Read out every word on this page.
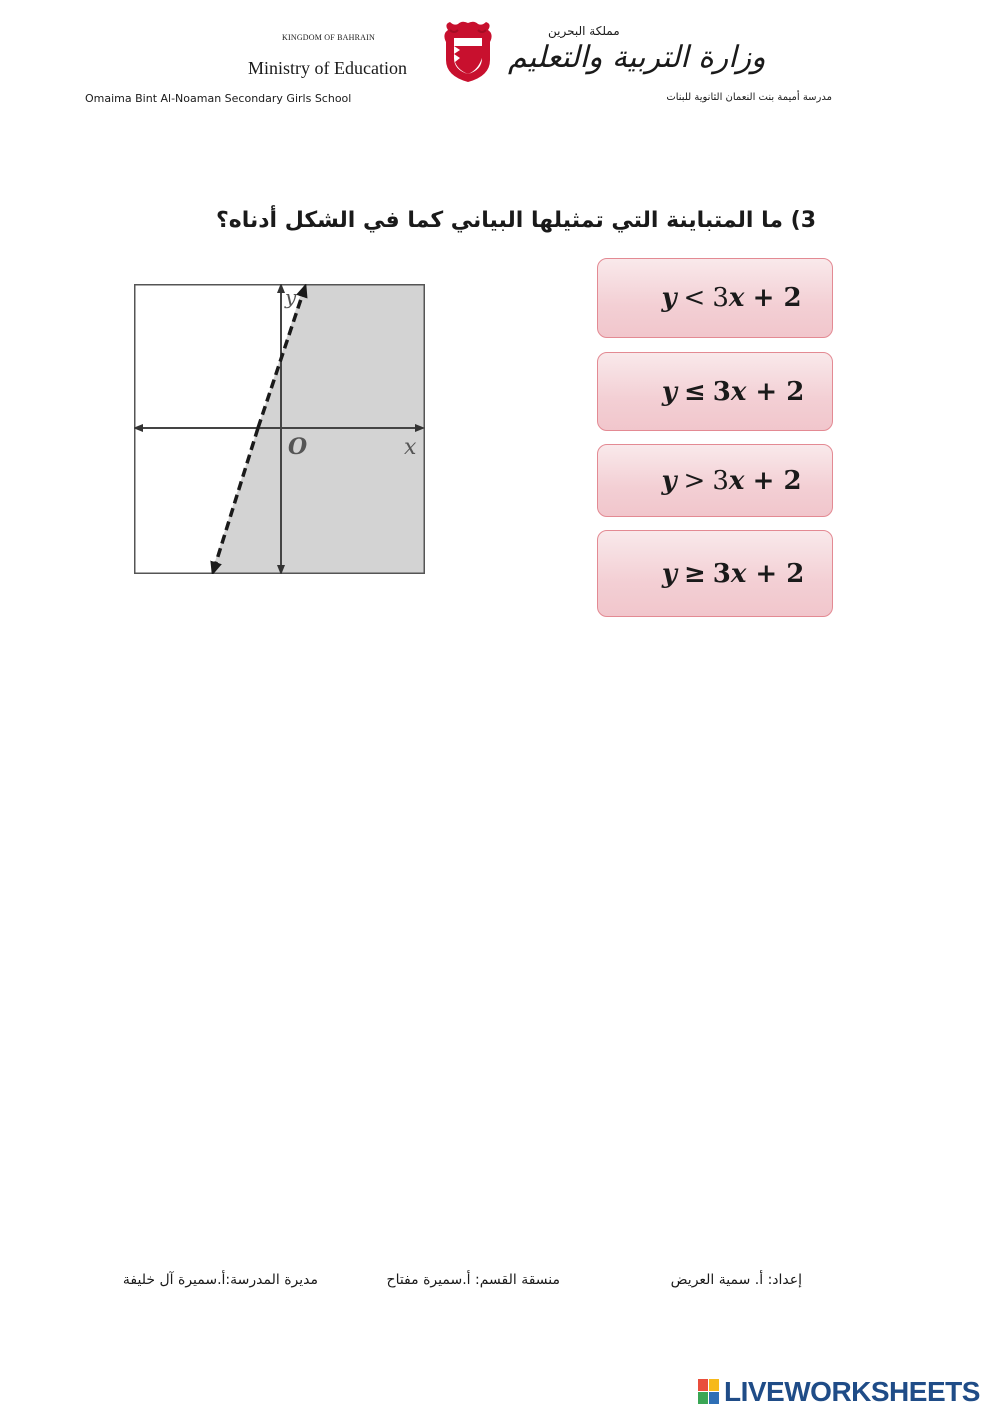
KINGDOM OF BAHRAIN
Ministry of Education
Omaima Bint Al-Noaman Secondary Girls School
مملكة البحرين
وزارة التربية والتعليم
مدرسة أميمة بنت النعمان الثانوية للبنات
3) ما المتباينة التي تمثيلها البياني كما في الشكل أدناه؟
y
x
O

y < 3x + 2

y ≤ 3x + 2

y > 3x + 2

y ≥ 3x + 2

إعداد: أ. سمية العريض
منسقة القسم: أ.سميرة مفتاح
مديرة المدرسة:أ.سميرة آل خليفة
LIVEWORKSHEETS
